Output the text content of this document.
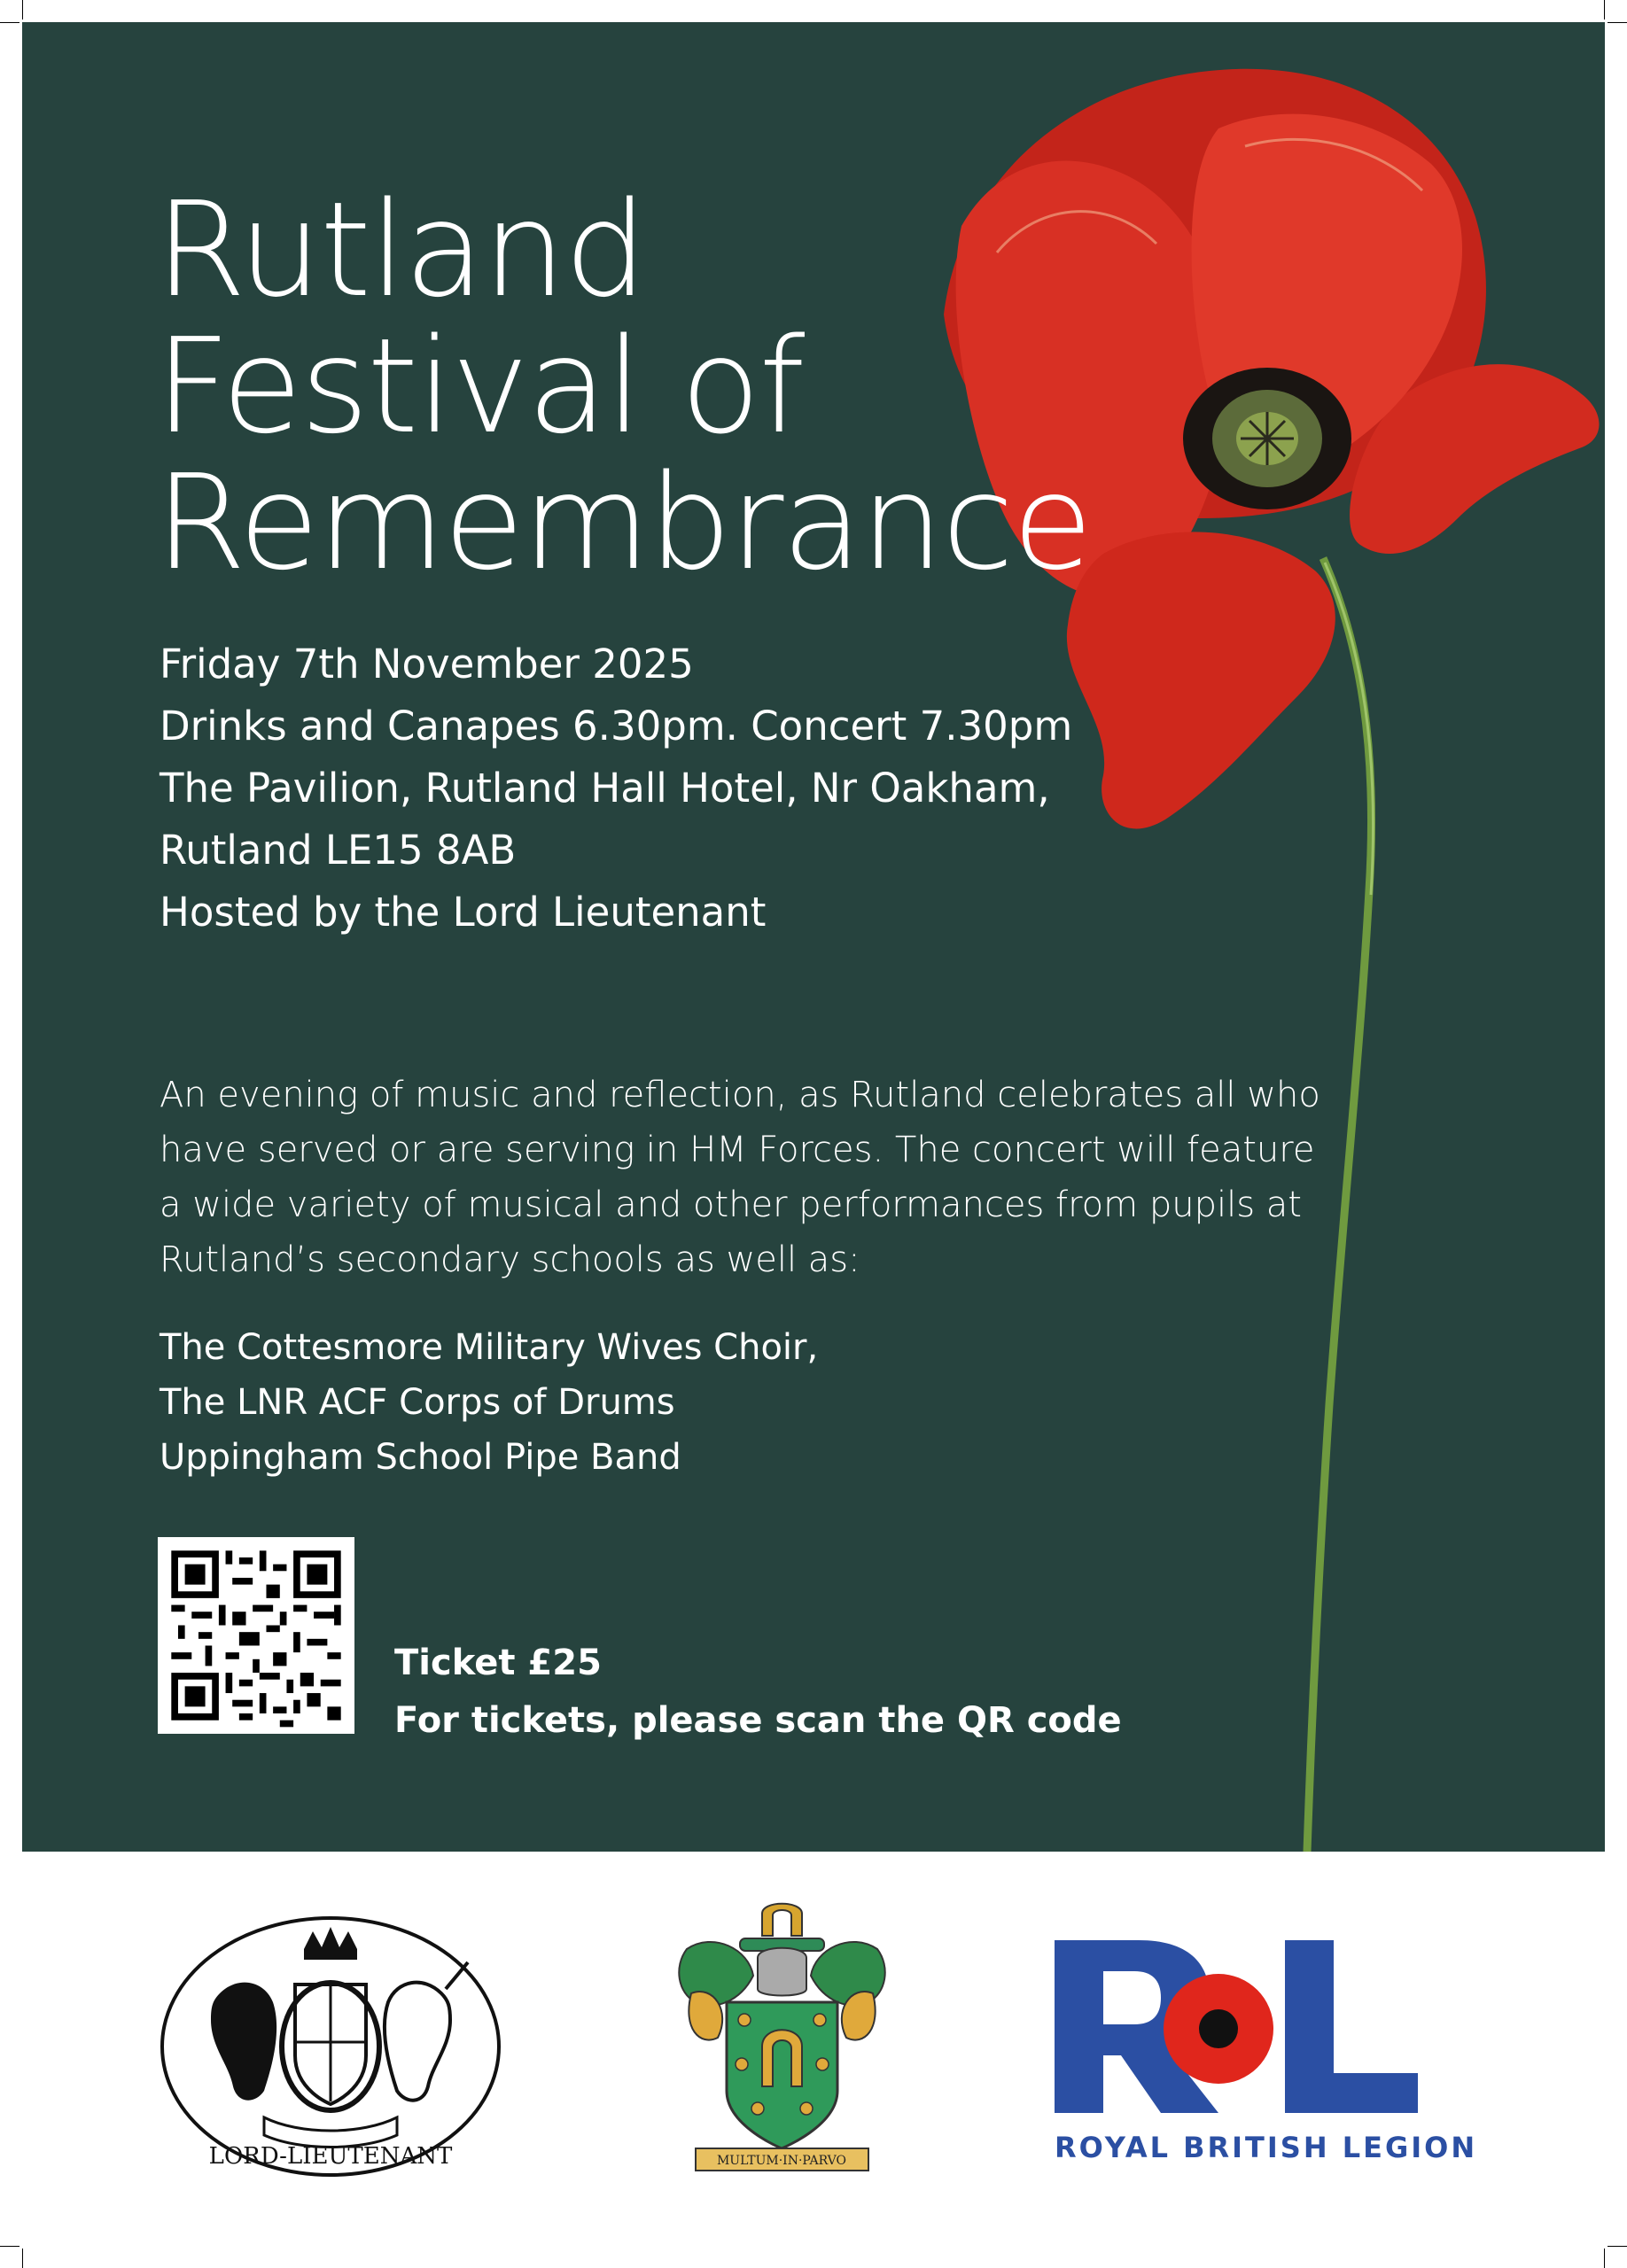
Rutland
Festival of
Remembrance
Friday 7th November 2025
Drinks and Canapes 6.30pm. Concert 7.30pm
The Pavilion, Rutland Hall Hotel, Nr Oakham,
Rutland LE15 8AB
Hosted by the Lord Lieutenant

An evening of music and reflection, as Rutland celebrates all who have served or are serving in HM Forces. The concert will feature a wide variety of musical and other performances from pupils at Rutland’s secondary schools as well as:

The Cottesmore Military Wives Choir,
The LNR ACF Corps of Drums
Uppingham School Pipe Band
Ticket £25
For tickets, please scan the QR code
LORD-LIEUTENANT	MULTUM·IN·PARVO	ROYAL BRITISH LEGION
